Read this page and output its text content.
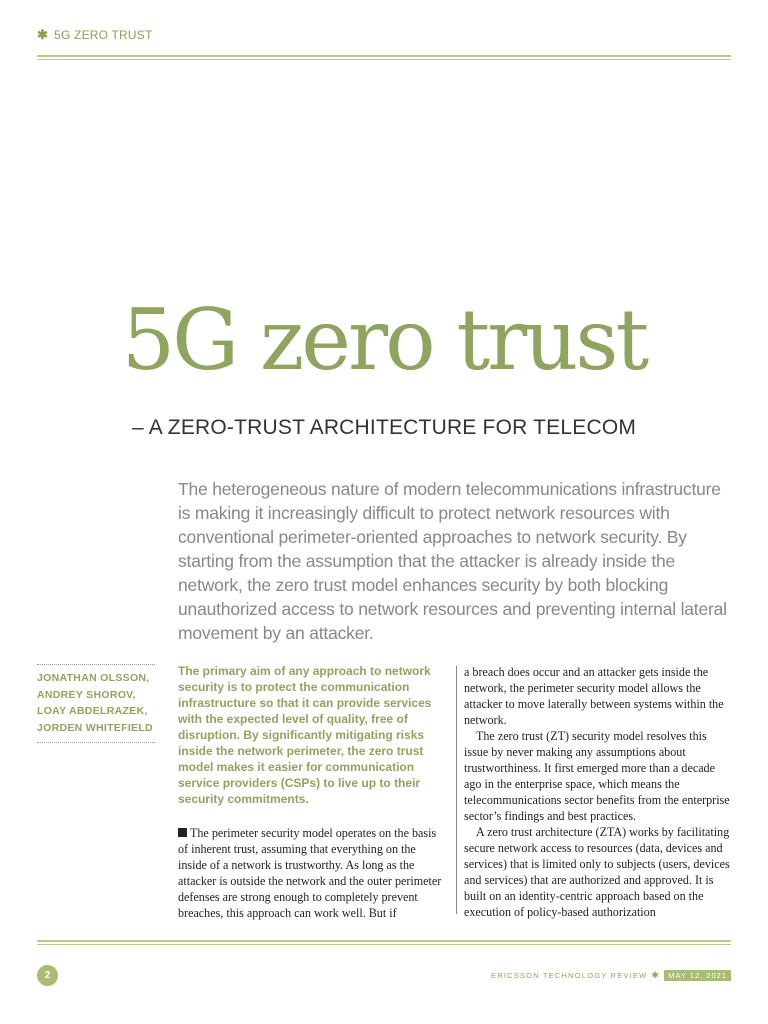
✱ 5G ZERO TRUST
5G zero trust
– A ZERO-TRUST ARCHITECTURE FOR TELECOM

The heterogeneous nature of modern telecommunications infrastructure is making it increasingly difficult to protect network resources with conventional perimeter-oriented approaches to network security. By starting from the assumption that the attacker is already inside the network, the zero trust model enhances security by both blocking unauthorized access to network resources and preventing internal lateral movement by an attacker.

JONATHAN OLSSON,
ANDREY SHOROV,
LOAY ABDELRAZEK,
JORDEN WHITEFIELD

The primary aim of any approach to network security is to protect the communication infrastructure so that it can provide services with the expected level of quality, free of disruption. By significantly mitigating risks inside the network perimeter, the zero trust model makes it easier for communication service providers (CSPs) to live up to their security commitments.

The perimeter security model operates on the basis of inherent trust, assuming that everything on the inside of a network is trustworthy. As long as the attacker is outside the network and the outer perimeter defenses are strong enough to completely prevent breaches, this approach can work well. But if

a breach does occur and an attacker gets inside the network, the perimeter security model allows the attacker to move laterally between systems within the network.

The zero trust (ZT) security model resolves this issue by never making any assumptions about trustworthiness. It first emerged more than a decade ago in the enterprise space, which means the telecommunications sector benefits from the enterprise sector’s findings and best practices.

A zero trust architecture (ZTA) works by facilitating secure network access to resources (data, devices and services) that is limited only to subjects (users, devices and services) that are authorized and approved. It is built on an identity-centric approach based on the execution of policy-based authorization

2	ERICSSON TECHNOLOGY REVIEW ✱	MAY 12, 2021
